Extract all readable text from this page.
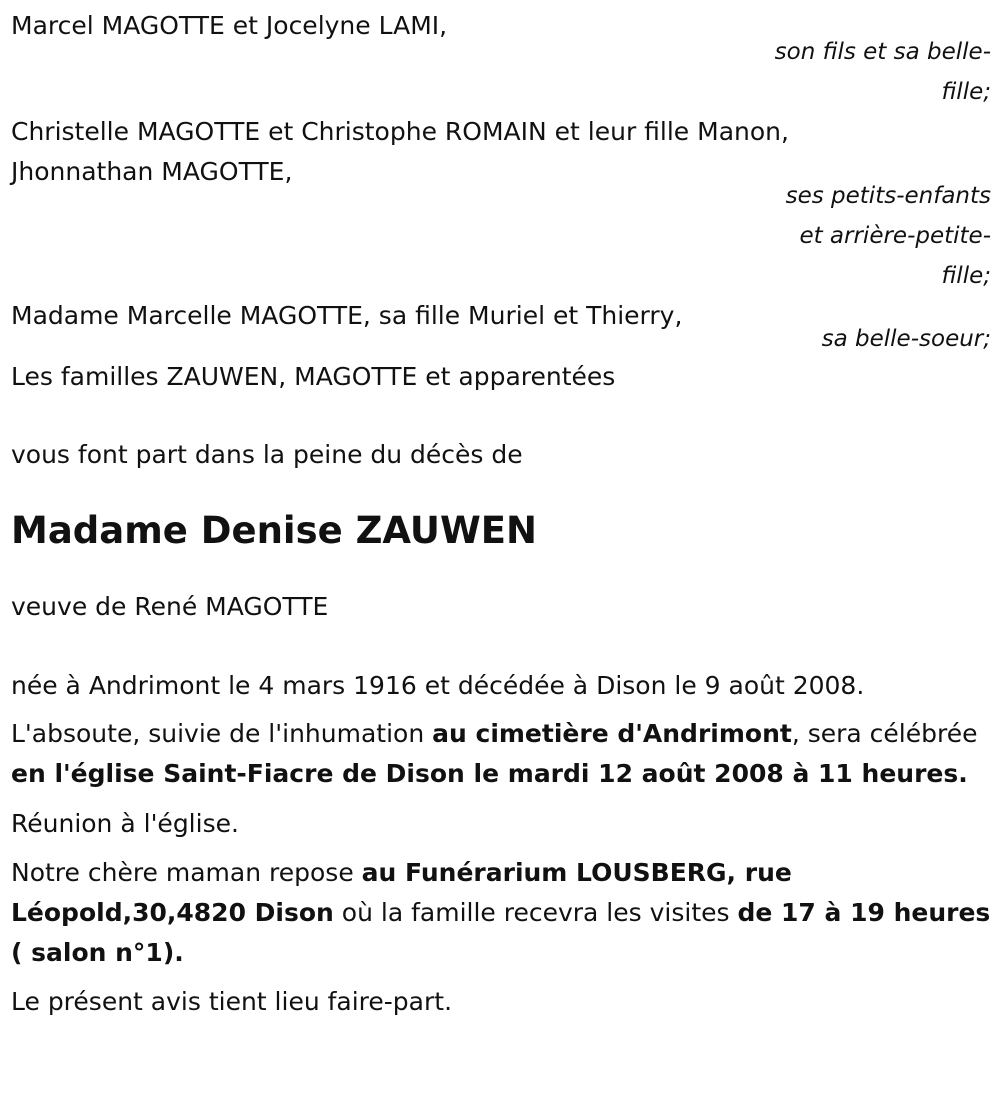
Marcel MAGOTTE et Jocelyne LAMI,

son fils et sa belle-fille;

Christelle MAGOTTE et Christophe ROMAIN et leur fille Manon,

Jhonnathan MAGOTTE,

ses petits-enfants et arrière-petite-fille;

Madame Marcelle MAGOTTE, sa fille Muriel et Thierry,

sa belle-soeur;

Les familles ZAUWEN, MAGOTTE et apparentées

vous font part dans la peine du décès de

Madame Denise ZAUWEN

veuve de René MAGOTTE

née à Andrimont le 4 mars 1916 et décédée à Dison le 9 août 2008.

L'absoute, suivie de l'inhumation au cimetière d'Andrimont, sera célébrée en l'église Saint-Fiacre de Dison le mardi 12 août 2008 à 11 heures.

Réunion à l'église.

Notre chère maman repose au Funérarium LOUSBERG, rue Léopold,30,4820 Dison où la famille recevra les visites de 17 à 19 heures ( salon n°1).

Le présent avis tient lieu faire-part.
